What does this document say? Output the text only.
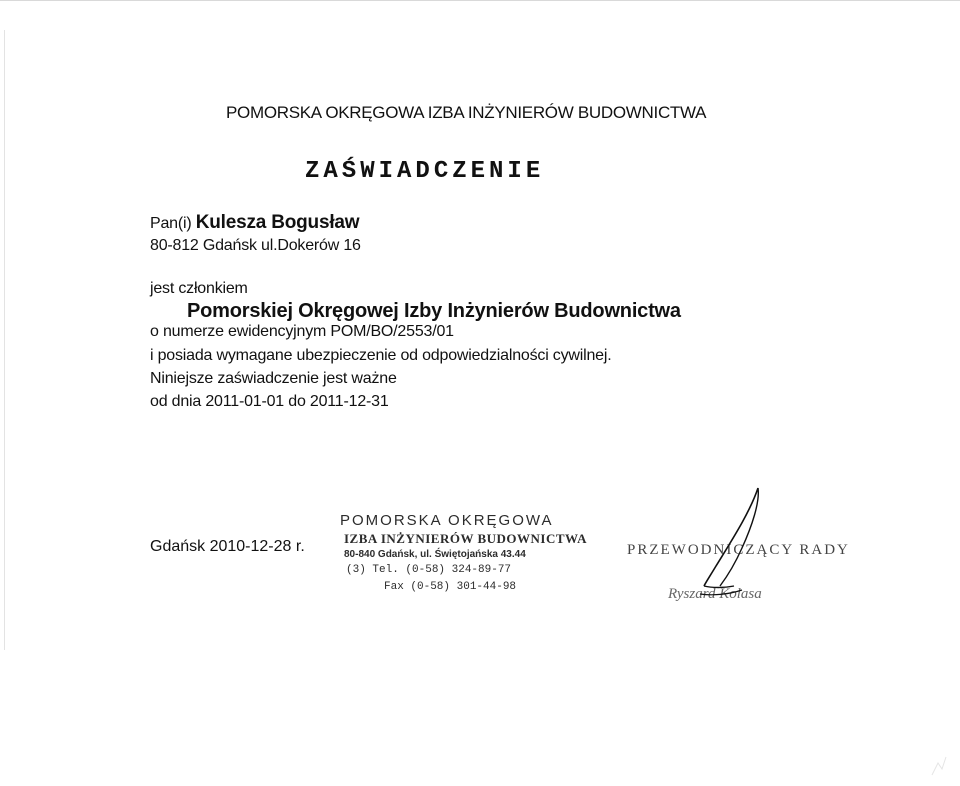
POMORSKA OKRĘGOWA IZBA INŻYNIERÓW BUDOWNICTWA
ZAŚWIADCZENIE
Pan(i) Kulesza Bogusław
80-812 Gdańsk ul.Dokerów 16
jest członkiem
Pomorskiej Okręgowej Izby Inżynierów Budownictwa
o numerze ewidencyjnym POM/BO/2553/01
i posiada wymagane ubezpieczenie od odpowiedzialności cywilnej.
Niniejsze zaświadczenie jest ważne
od dnia 2011-01-01 do 2011-12-31
Gdańsk 2010-12-28 r.
POMORSKA OKRĘGOWA
IZBA INŻYNIERÓW BUDOWNICTWA
80-840 Gdańsk, ul. Świętojańska 43.44
(3) Tel. (0-58) 324-89-77
Fax (0-58) 301-44-98
PRZEWODNICZĄCY RADY
Ryszard Kolasa
